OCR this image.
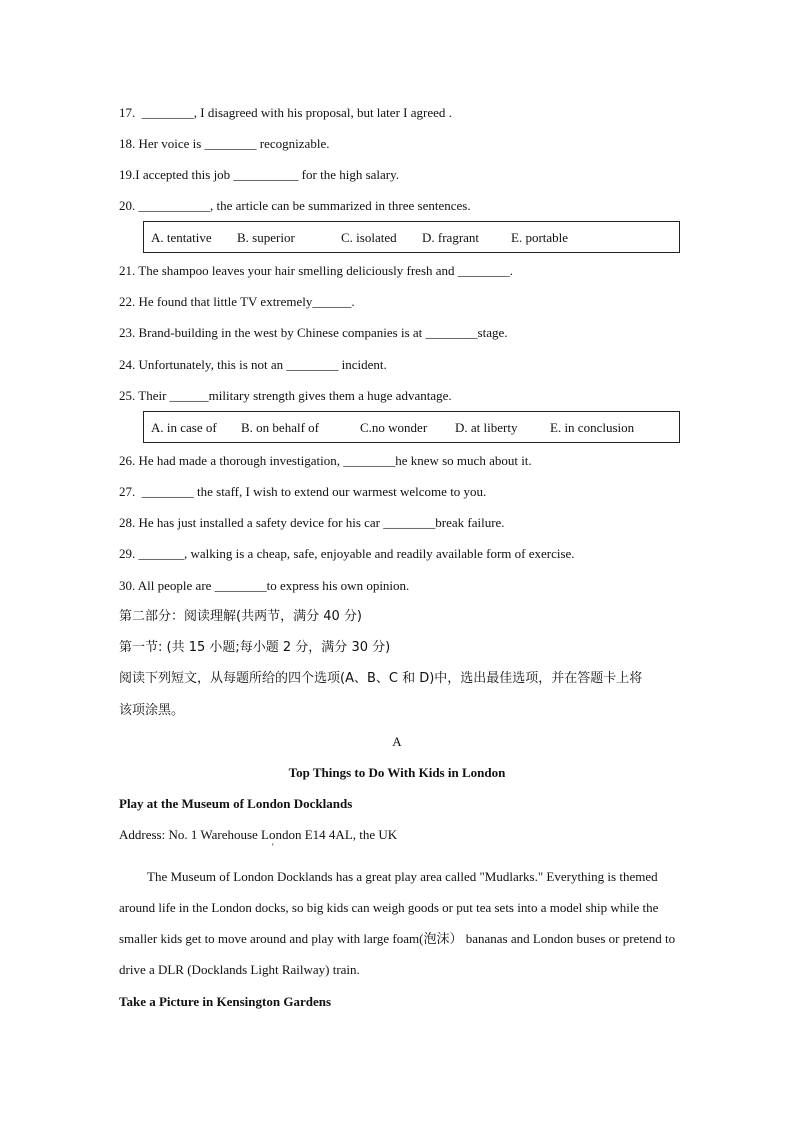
17.  ________, I disagreed with his proposal, but later I agreed .
18. Her voice is ________ recognizable.
19.I accepted this job __________ for the high salary.
20. ___________, the article can be summarized in three sentences.
A. tentative B. superior	C. isolated D. fragrant E. portable
21. The shampoo leaves your hair smelling deliciously fresh and ________.
22. He found that little TV extremely______.
23. Brand-building in the west by Chinese companies is at ________stage.
24. Unfortunately, this is not an ________ incident.
25. Their ______military strength gives them a huge advantage.
A. in case of B. on behalf of	C.no wonder D. at liberty	E. in conclusion
26. He had made a thorough investigation, ________he knew so much about it.
27.  ________ the staff, I wish to extend our warmest welcome to you.
28. He has just installed a safety device for his car ________break failure.
29. _______, walking is a cheap, safe, enjoyable and readily available form of exercise.
30. All people are ________to express his own opinion.
第二部分：阅读理解(共两节，满分 40 分)
第一节: (共 15 小题;每小题 2 分，满分 30 分)
阅读下列短文，从每题所给的四个选项(A、B、C 和 D)中，选出最佳选项，并在答题卡上将
该项涂黑。
A
Top Things to Do With Kids in London
Play at the Museum of London Docklands
Address: No. 1 Warehouse London E14 4AL, the UK
'
The Museum of London Docklands has a great play area called "Mudlarks." Everything is themed around life in the London docks, so big kids can weigh goods or put tea sets into a model ship while the smaller kids get to move around and play with large foam(泡沫） bananas and London buses or pretend to drive a DLR (Docklands Light Railway) train.
Take a Picture in Kensington Gardens
